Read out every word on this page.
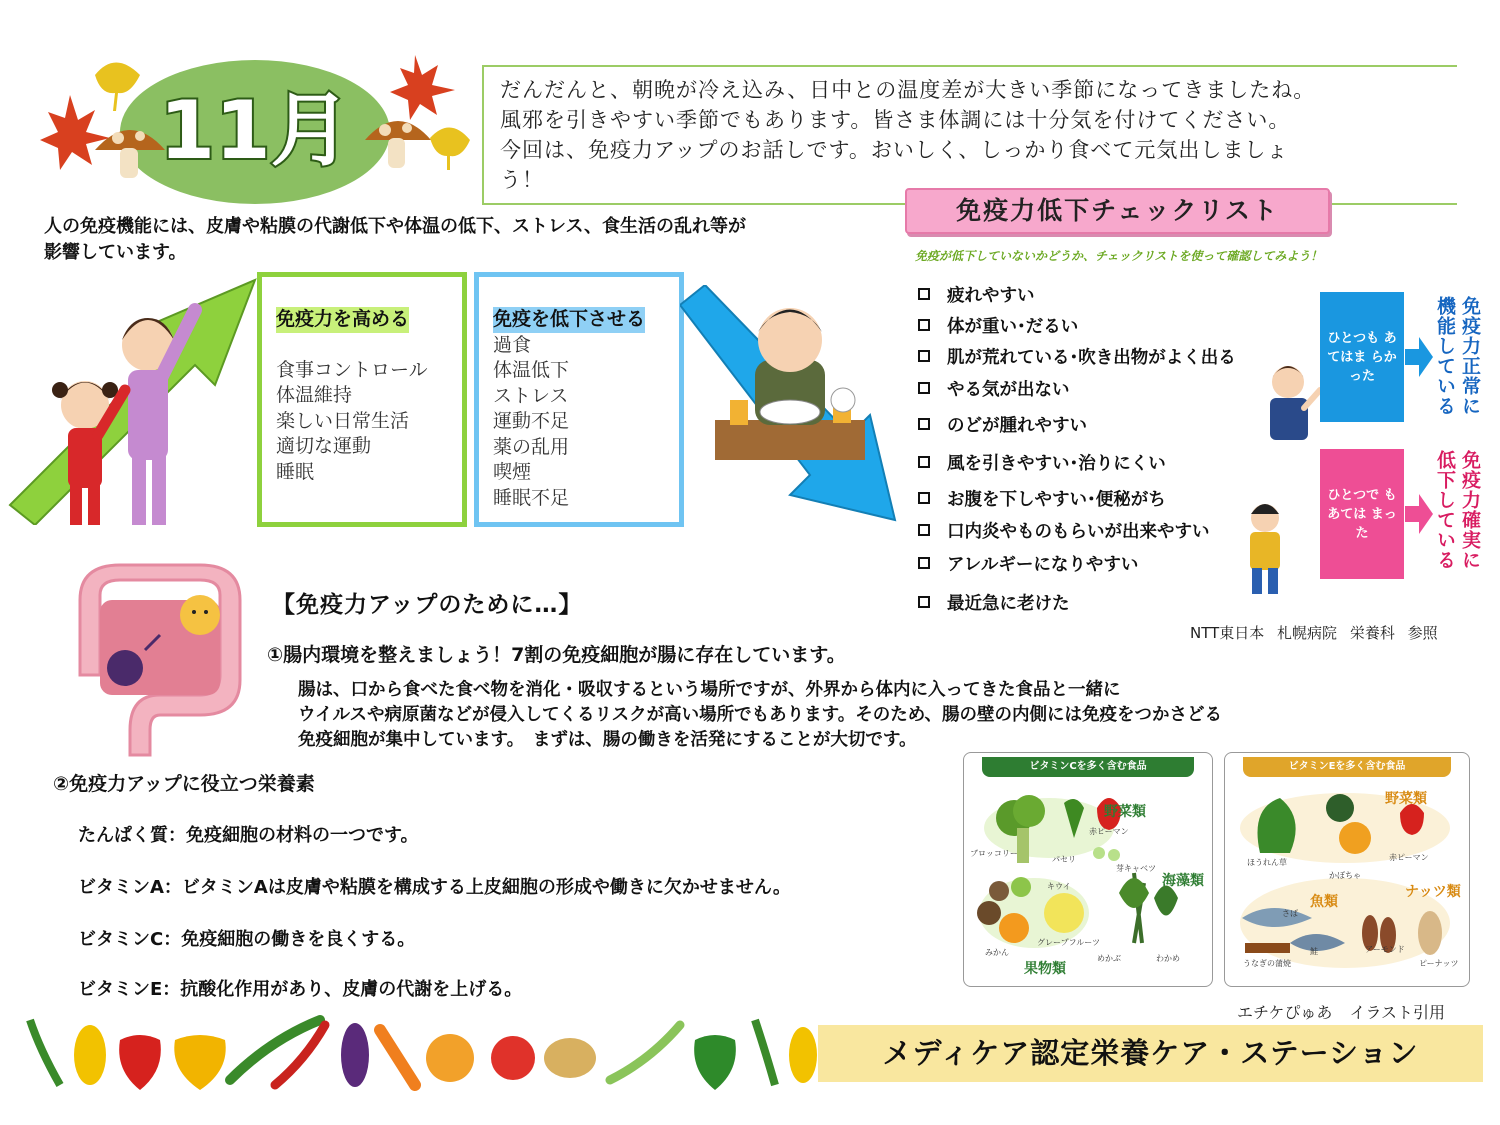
11月	だんだんと、朝晩が冷え込み、日中との温度差が大きい季節になってきましたね。
風邪を引きやすい季節でもあります。皆さま体調には十分気を付けてください。
今回は、免疫力アップのお話しです。おいしく、しっかり食べて元気出しましょ
う！
人の免疫機能には、皮膚や粘膜の代謝低下や体温の低下、ストレス、食生活の乱れ等が
影響しています。
免疫力を高める
食事コントロール
体温維持
楽しい日常生活
適切な運動
睡眠
免疫を低下させる
過食
体温低下
ストレス
運動不足
薬の乱用
喫煙
睡眠不足
免疫力低下チェックリスト
免疫が低下していないかどうか、チェックリストを使って確認してみよう！
疲れやすい
体が重い･だるい
肌が荒れている･吹き出物がよく出る
やる気が出ない
のどが腫れやすい
風を引きやすい･治りにくい
お腹を下しやすい･便秘がち
口内炎やものもらいが出来やすい
アレルギーになりやすい
最近急に老けた
ひとつも あてはま らかった	免疫力正常に 機能している
ひとつで もあては まった	免疫力確実に 低下している
NTT東日本 札幌病院 栄養科 参照
【免疫力アップのために…】
①腸内環境を整えましょう！7割の免疫細胞が腸に存在しています。
腸は、口から食べた食べ物を消化・吸収するという場所ですが、外界から体内に入ってきた食品と一緒に
ウイルスや病原菌などが侵入してくるリスクが高い場所でもあります。そのため、腸の壁の内側には免疫をつかさどる
免疫細胞が集中しています。　まずは、腸の働きを活発にすることが大切です。
②免疫力アップに役立つ栄養素
たんぱく質：免疫細胞の材料の一つです。
ビタミンA：ビタミンAは皮膚や粘膜を構成する上皮細胞の形成や働きに欠かせません。
ビタミンC：免疫細胞の働きを良くする。
ビタミンE：抗酸化作用があり、皮膚の代謝を上げる。
ビタミンCを多く含む食品
野菜類
海藻類
果物類
ブロッコリー
パセリ
赤ピーマン
芽キャベツ
キウイ
みかん
グレープフルーツ
めかぶ	わかめ
ビタミンEを多く含む食品
野菜類
魚類
ナッツ類
ほうれん草
かぼちゃ
赤ピーマン
さば
うなぎの蒲焼
鮭	アーモンド
ピーナッツ
エチケぴゅあ イラスト引用
メディケア認定栄養ケア・ステーション
